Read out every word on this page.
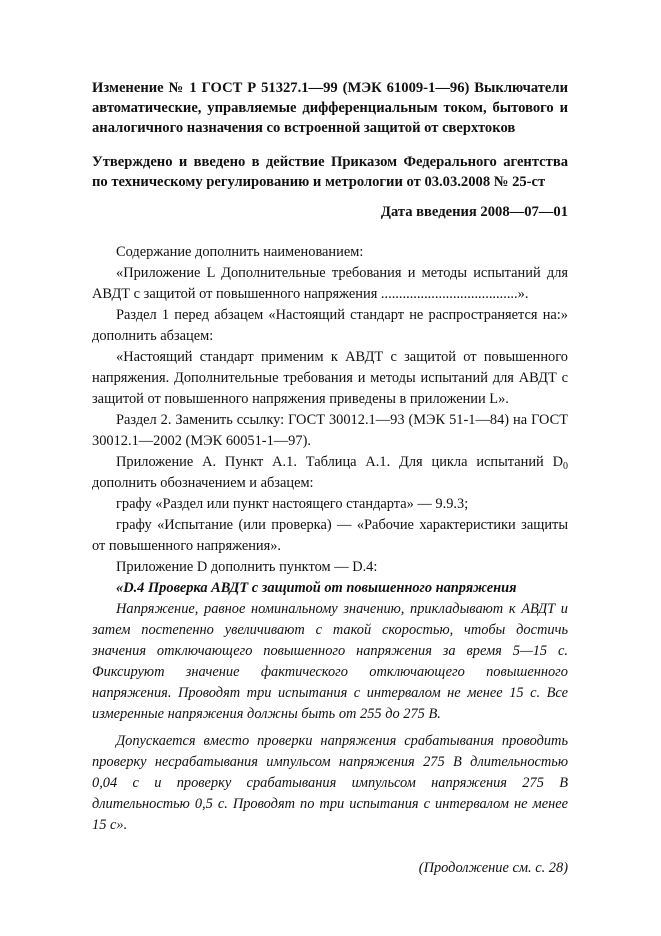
Изменение № 1 ГОСТ Р 51327.1—99 (МЭК 61009-1—96) Выключатели автоматические, управляемые дифференциальным током, бытового и аналогичного назначения со встроенной защитой от сверхтоков

Утверждено и введено в действие Приказом Федерального агентства по техническому регулированию и метрологии от 03.03.2008 № 25-ст

Дата введения 2008—07—01

Содержание дополнить наименованием:

«Приложение L Дополнительные требования и методы испытаний для АВДТ с защитой от повышенного напряжения ......................................».

Раздел 1 перед абзацем «Настоящий стандарт не распространяется на:» дополнить абзацем:

«Настоящий стандарт применим к АВДТ с защитой от повышенного напряжения. Дополнительные требования и методы испытаний для АВДТ с защитой от повышенного напряжения приведены в приложении L».

Раздел 2. Заменить ссылку: ГОСТ 30012.1—93 (МЭК 51-1—84) на ГОСТ 30012.1—2002 (МЭК 60051-1—97).

Приложение А. Пункт А.1. Таблица А.1. Для цикла испытаний $D_0$ дополнить обозначением и абзацем:

графу «Раздел или пункт настоящего стандарта» — 9.9.3;

графу «Испытание (или проверка) — «Рабочие характеристики защиты от повышенного напряжения».

Приложение D дополнить пунктом — D.4:

«D.4 Проверка АВДТ с защитой от повышенного напряжения

Напряжение, равное номинальному значению, прикладывают к АВДТ и затем постепенно увеличивают с такой скоростью, чтобы достичь значения отключающего повышенного напряжения за время 5—15 с. Фиксируют значение фактического отключающего повышенного напряжения. Проводят три испытания с интервалом не менее 15 с. Все измеренные напряжения должны быть от 255 до 275 В.

Допускается вместо проверки напряжения срабатывания проводить проверку несрабатывания импульсом напряжения 275 В длительностью 0,04 с и проверку срабатывания импульсом напряжения 275 В длительностью 0,5 с. Проводят по три испытания с интервалом не менее 15 с».

(Продолжение см. с. 28)
